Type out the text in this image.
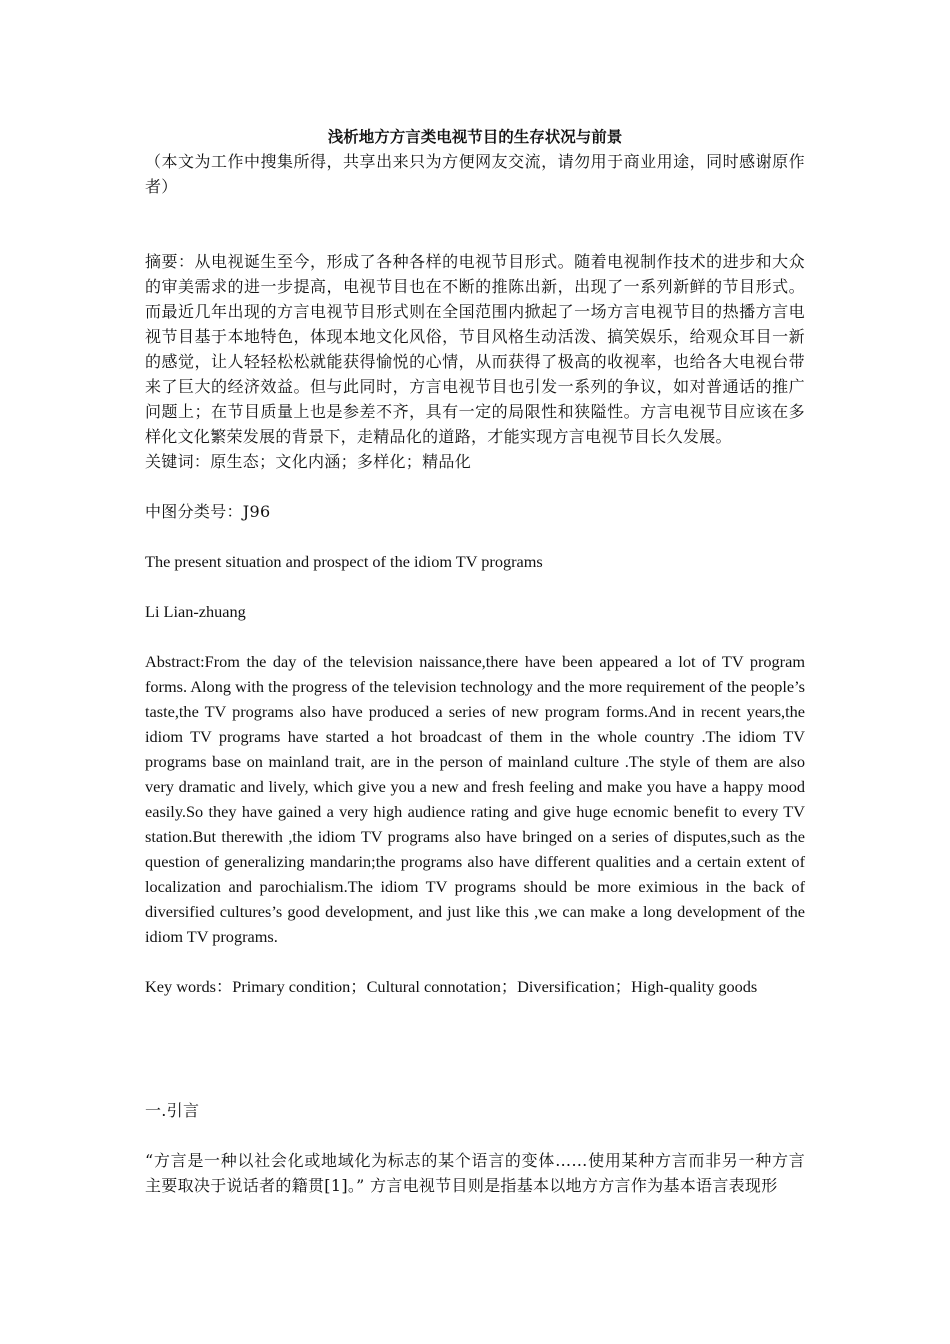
浅析地方方言类电视节目的生存状况与前景

（本文为工作中搜集所得，共享出来只为方便网友交流，请勿用于商业用途，同时感谢原作者）

摘要：从电视诞生至今，形成了各种各样的电视节目形式。随着电视制作技术的进步和大众的审美需求的进一步提高，电视节目也在不断的推陈出新，出现了一系列新鲜的节目形式。而最近几年出现的方言电视节目形式则在全国范围内掀起了一场方言电视节目的热播方言电视节目基于本地特色，体现本地文化风俗，节目风格生动活泼、搞笑娱乐，给观众耳目一新的感觉，让人轻轻松松就能获得愉悦的心情，从而获得了极高的收视率，也给各大电视台带来了巨大的经济效益。但与此同时，方言电视节目也引发一系列的争议，如对普通话的推广问题上；在节目质量上也是参差不齐，具有一定的局限性和狭隘性。方言电视节目应该在多样化文化繁荣发展的背景下，走精品化的道路，才能实现方言电视节目长久发展。

关键词：原生态；文化内涵；多样化；精品化

中图分类号：J96

The present situation and prospect of the idiom TV programs

Li Lian-zhuang

Abstract:From the day of the television naissance,there have been appeared a lot of TV program forms. Along with the progress of the television technology and the more requirement of the people’s taste,the TV programs also have produced a series of new program forms.And in recent years,the idiom TV programs have started a hot broadcast of them in the whole country .The idiom TV programs base on mainland trait, are in the person of mainland culture .The style of them are also very dramatic and lively, which give you a new and fresh feeling and make you have a happy mood easily.So they have gained a very high audience rating and give huge ecnomic benefit to every TV station.But therewith ,the idiom TV programs also have bringed on a series of disputes,such as the question of generalizing mandarin;the programs also have different qualities and a certain extent of localization and parochialism.The idiom TV programs should be more eximious in the back of diversified cultures’s good development, and just like this ,we can make a long development of the idiom TV programs.

Key words：Primary condition；Cultural connotation；Diversification；High-quality goods

一.引言

“方言是一种以社会化或地域化为标志的某个语言的变体……使用某种方言而非另一种方言主要取决于说话者的籍贯[1]。” 方言电视节目则是指基本以地方方言作为基本语言表现形
